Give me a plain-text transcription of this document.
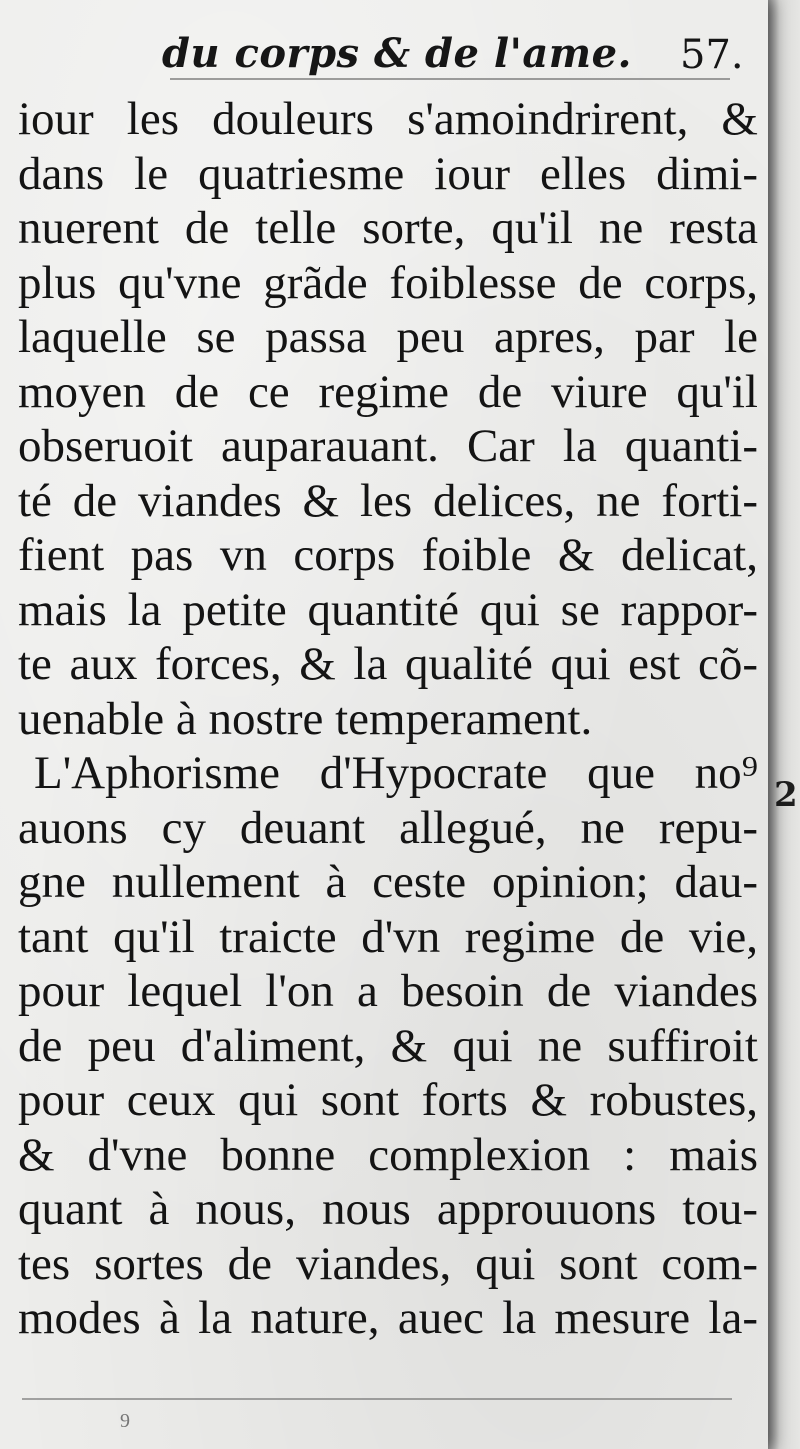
2
du corps & de l'ame. 57.
iour les douleurs s'amoindrirent, &
dans le quatriesme iour elles dimi-
nuerent de telle sorte, qu'il ne resta
plus qu'vne grãde foiblesse de corps,
laquelle se passa peu apres, par le
moyen de ce regime de viure qu'il
obseruoit auparauant. Car la quanti-
té de viandes & les delices, ne forti-
fient pas vn corps foible & delicat,
mais la petite quantité qui se rappor-
te aux forces, & la qualité qui est cõ-
uenable à nostre temperament.
L'Aphorisme d'Hypocrate que no⁹
auons cy deuant allegué, ne repu-
gne nullement à ceste opinion; dau-
tant qu'il traicte d'vn regime de vie,
pour lequel l'on a besoin de viandes
de peu d'aliment, & qui ne suffiroit
pour ceux qui sont forts & robustes,
& d'vne bonne complexion : mais
quant à nous, nous approuuons tou-
tes sortes de viandes, qui sont com-
modes à la nature, auec la mesure la-
9
